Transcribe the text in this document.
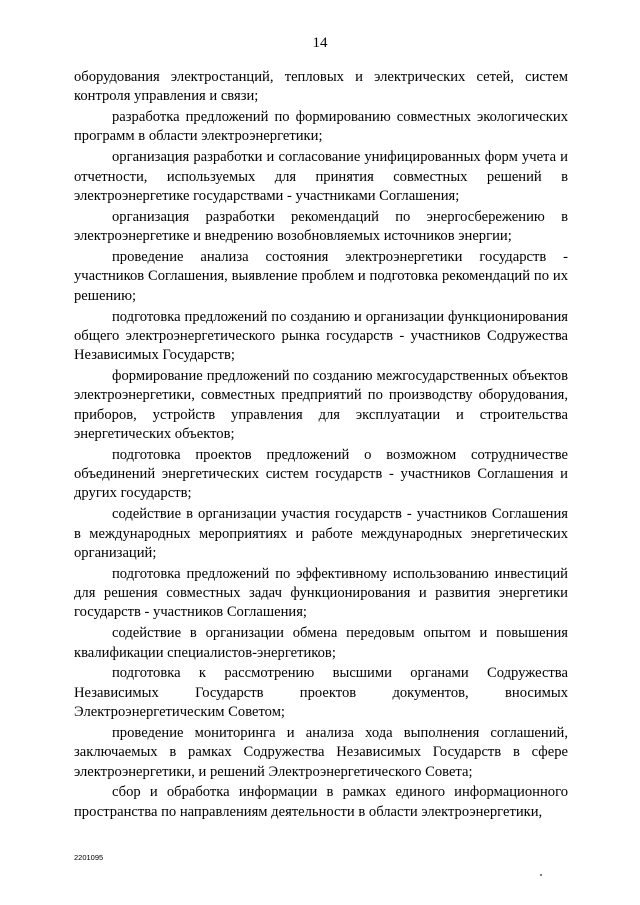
14

оборудования электростанций, тепловых и электрических сетей, систем контроля управления и связи;

разработка предложений по формированию совместных экологических программ в области электроэнергетики;

организация разработки и согласование унифицированных форм учета и отчетности, используемых для принятия совместных решений в электроэнергетике государствами - участниками Соглашения;

организация разработки рекомендаций по энергосбережению в электроэнергетике и внедрению возобновляемых источников энергии;

проведение анализа состояния электроэнергетики государств - участников Соглашения, выявление проблем и подготовка рекомендаций по их решению;

подготовка предложений по созданию и организации функционирования общего электроэнергетического рынка государств - участников Содружества Независимых Государств;

формирование предложений по созданию межгосударственных объектов электроэнергетики, совместных предприятий по производству оборудования, приборов, устройств управления для эксплуатации и строительства энергетических объектов;

подготовка проектов предложений о возможном сотрудничестве объединений энергетических систем государств - участников Соглашения и других государств;

содействие в организации участия государств - участников Соглашения в международных мероприятиях и работе международных энергетических организаций;

подготовка предложений по эффективному использованию инвестиций для решения совместных задач функционирования и развития энергетики государств - участников Соглашения;

содействие в организации обмена передовым опытом и повышения квалификации специалистов-энергетиков;

подготовка к рассмотрению высшими органами Содружества Независимых Государств проектов документов, вносимых Электроэнергетическим Советом;

проведение мониторинга и анализа хода выполнения соглашений, заключаемых в рамках Содружества Независимых Государств в сфере электроэнергетики, и решений Электроэнергетического Совета;

сбор и обработка информации в рамках единого информационного пространства по направлениям деятельности в области электроэнергетики,

2201095
